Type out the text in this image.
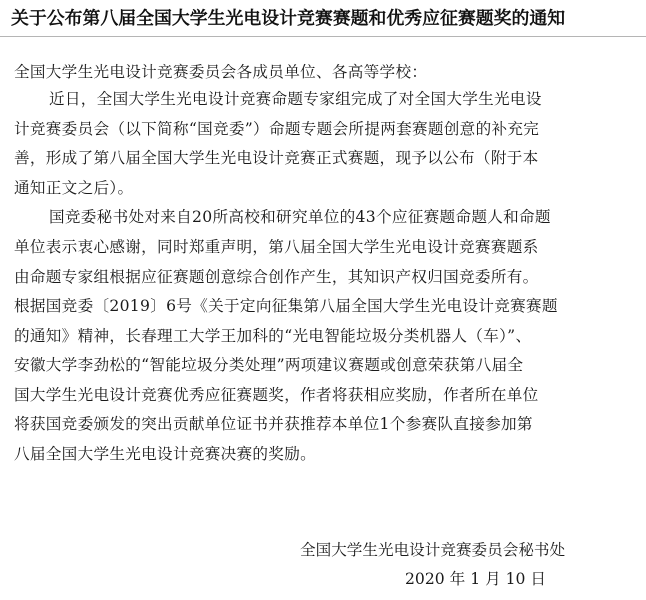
关于公布第八届全国大学生光电设计竞赛赛题和优秀应征赛题奖的通知
全国大学生光电设计竞赛委员会各成员单位、各高等学校：
近日，全国大学生光电设计竞赛命题专家组完成了对全国大学生光电设
计竞赛委员会（以下简称“国竞委”）命题专题会所提两套赛题创意的补充完
善，形成了第八届全国大学生光电设计竞赛正式赛题，现予以公布（附于本
通知正文之后）。
国竞委秘书处对来自20所高校和研究单位的43个应征赛题命题人和命题
单位表示衷心感谢，同时郑重声明，第八届全国大学生光电设计竞赛赛题系
由命题专家组根据应征赛题创意综合创作产生，其知识产权归国竞委所有。
根据国竞委〔2019〕6号《关于定向征集第八届全国大学生光电设计竞赛赛题
的通知》精神，长春理工大学王加科的“光电智能垃圾分类机器人（车）”、
安徽大学李劲松的“智能垃圾分类处理”两项建议赛题或创意荣获第八届全
国大学生光电设计竞赛优秀应征赛题奖，作者将获相应奖励，作者所在单位
将获国竞委颁发的突出贡献单位证书并获推荐本单位1个参赛队直接参加第
八届全国大学生光电设计竞赛决赛的奖励。
全国大学生光电设计竞赛委员会秘书处
2020 年 1 月 10 日
